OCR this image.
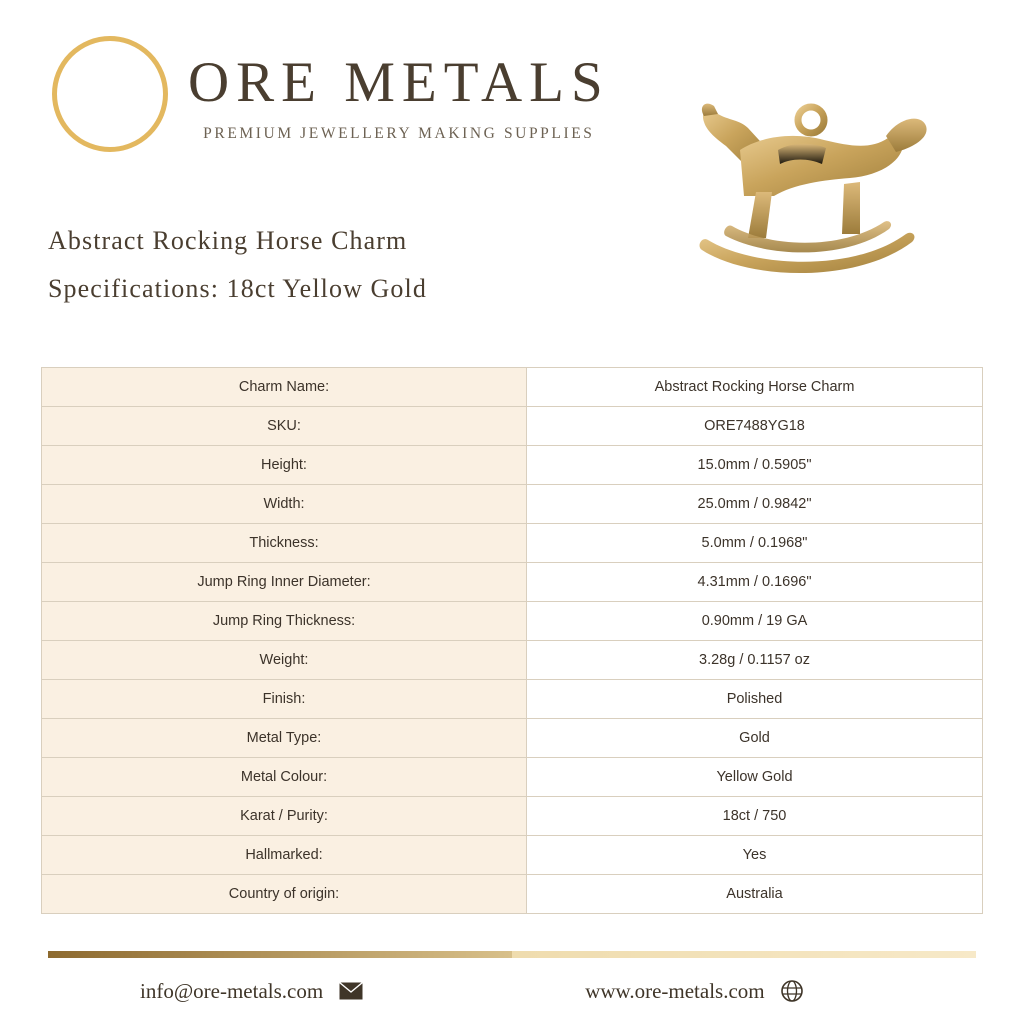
ORE METALS
PREMIUM JEWELLERY MAKING SUPPLIES
Abstract Rocking Horse Charm
Specifications: 18ct Yellow Gold
Charm Name:	Abstract Rocking Horse Charm
SKU:	ORE7488YG18
Height:	15.0mm / 0.5905"
Width:	25.0mm / 0.9842"
Thickness:	5.0mm / 0.1968"
Jump Ring Inner Diameter:	4.31mm / 0.1696"
Jump Ring Thickness:	0.90mm / 19 GA
Weight:	3.28g / 0.1157 oz
Finish:	Polished
Metal Type:	Gold
Metal Colour:	Yellow Gold
Karat / Purity:	18ct / 750
Hallmarked:	Yes
Country of origin:	Australia
info@ore-metals.com	www.ore-metals.com
